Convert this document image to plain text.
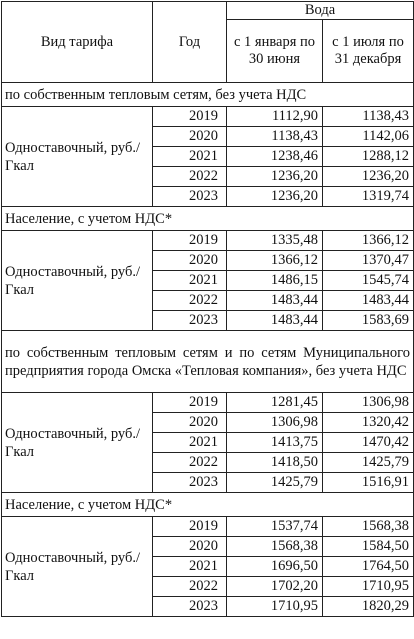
Вид тарифа	Год	Вода	
		с 1 января по 30 июня	с 1 июля по 31 декабря
по собственным тепловым сетям, без учета НДС			
Одноставочный, руб./Гкал	2019	1112,90	1138,43
	2020	1138,43	1142,06
	2021	1238,46	1288,12
	2022	1236,20	1236,20
	2023	1236,20	1319,74
Население, с учетом НДС*			
Одноставочный, руб./Гкал	2019	1335,48	1366,12
	2020	1366,12	1370,47
	2021	1486,15	1545,74
	2022	1483,44	1483,44
	2023	1483,44	1583,69
по собственным тепловым сетям и по сетям Муниципального предприятия города Омска «Тепловая компания», без учета НДС			
Одноставочный, руб./Гкал	2019	1281,45	1306,98
	2020	1306,98	1320,42
	2021	1413,75	1470,42
	2022	1418,50	1425,79
	2023	1425,79	1516,91
Население, с учетом НДС*			
Одноставочный, руб./Гкал	2019	1537,74	1568,38
	2020	1568,38	1584,50
	2021	1696,50	1764,50
	2022	1702,20	1710,95
	2023	1710,95	1820,29
